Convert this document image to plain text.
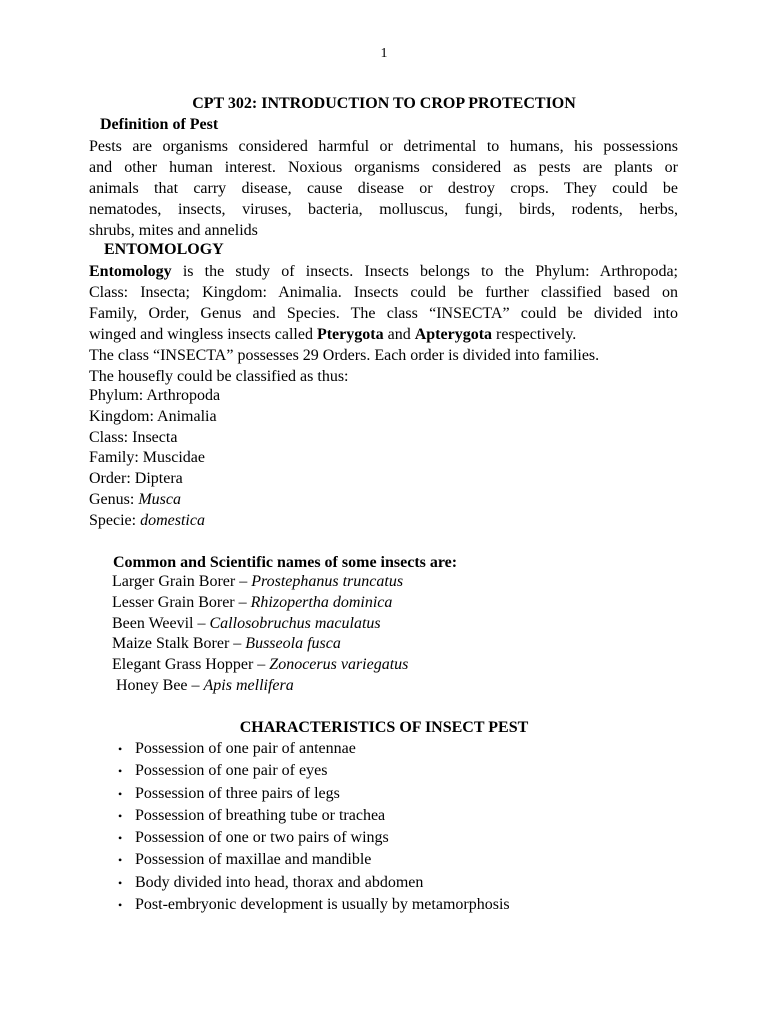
1
CPT 302: INTRODUCTION TO CROP PROTECTION
Definition of Pest
Pests are organisms considered harmful or detrimental to humans, his possessions
and other human interest. Noxious organisms considered as pests are plants or
animals that carry disease, cause disease or destroy crops. They could be
nematodes, insects, viruses, bacteria, molluscus, fungi, birds, rodents, herbs,
shrubs, mites and annelids
ENTOMOLOGY
Entomology is the study of insects. Insects belongs to the Phylum: Arthropoda;
Class: Insecta; Kingdom: Animalia. Insects could be further classified based on
Family, Order, Genus and Species. The class “INSECTA” could be divided into
winged and wingless insects called Pterygota and Apterygota respectively.
The class “INSECTA” possesses 29 Orders. Each order is divided into families.
The housefly could be classified as thus:
Phylum: Arthropoda
Kingdom: Animalia
Class: Insecta
Family: Muscidae
Order: Diptera
Genus: Musca
Specie: domestica
Common and Scientific names of some insects are:
Larger Grain Borer – Prostephanus truncatus
Lesser Grain Borer – Rhizopertha dominica
Been Weevil – Callosobruchus maculatus
Maize Stalk Borer – Busseola fusca
Elegant Grass Hopper – Zonocerus variegatus
Honey Bee – Apis mellifera
CHARACTERISTICS OF INSECT PEST
• Possession of one pair of antennae
• Possession of one pair of eyes
• Possession of three pairs of legs
• Possession of breathing tube or trachea
• Possession of one or two pairs of wings
• Possession of maxillae and mandible
• Body divided into head, thorax and abdomen
• Post-embryonic development is usually by metamorphosis
